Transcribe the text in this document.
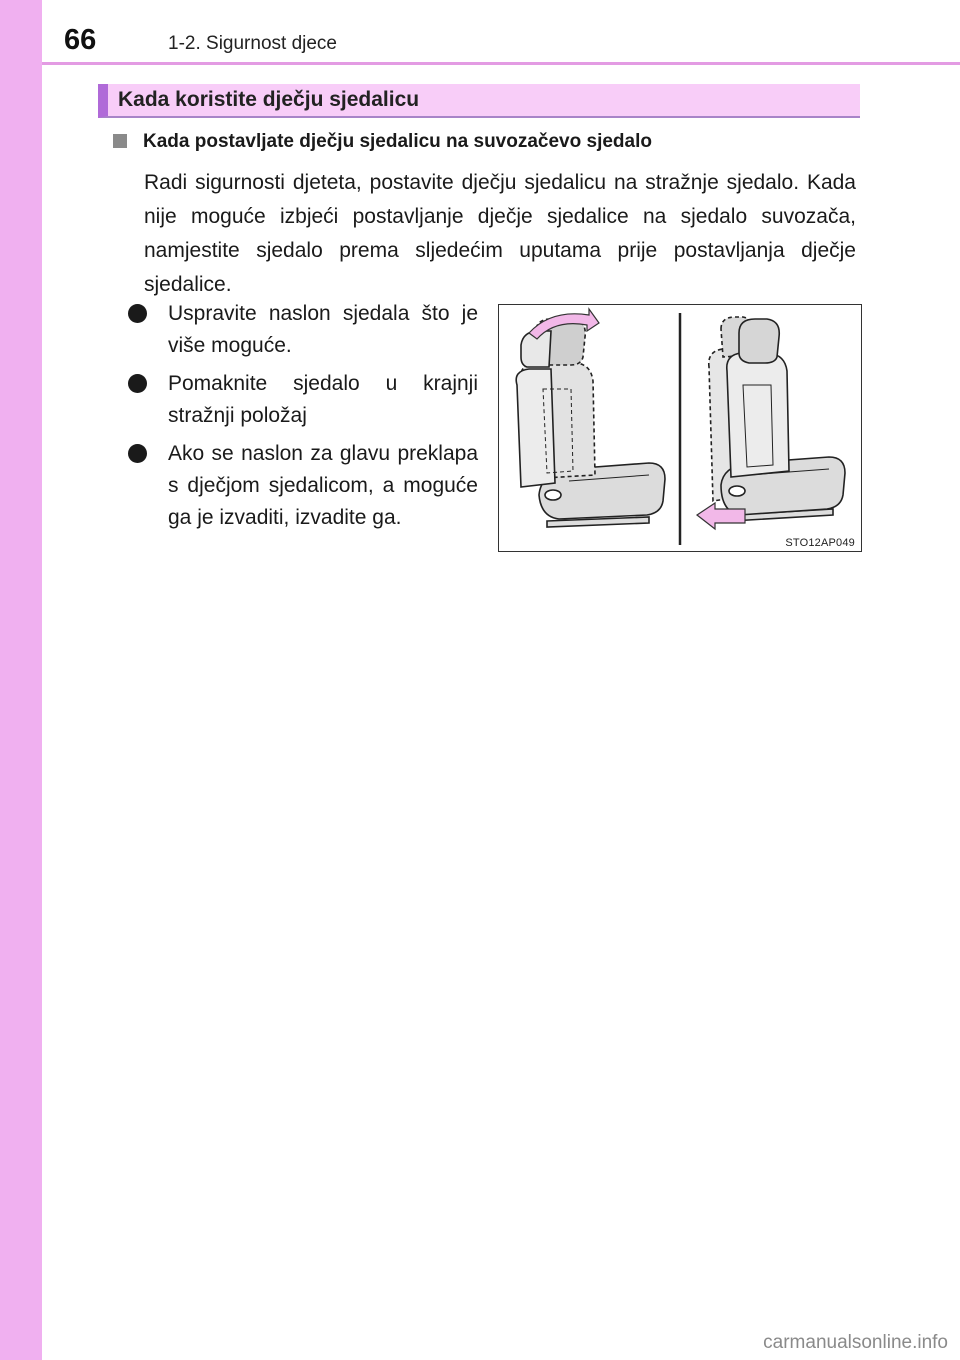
66	1-2. Sigurnost djece
Kada koristite dječju sjedalicu
Kada postavljate dječju sjedalicu na suvozačevo sjedalo
Radi sigurnosti djeteta, postavite dječju sjedalicu na stražnje sjedalo. Kada nije moguće izbjeći postavljanje dječje sjedalice na sjedalo suvozača, namjestite sjedalo prema sljedećim uputama prije postavljanja dječje sjedalice.
Uspravite naslon sjedala što je više moguće.
Pomaknite sjedalo u krajnji stražnji položaj
Ako se naslon za glavu preklapa s dječjom sjedalicom, a moguće ga je izvaditi, izvadite ga.
STO12AP049
carmanualsonline.info
